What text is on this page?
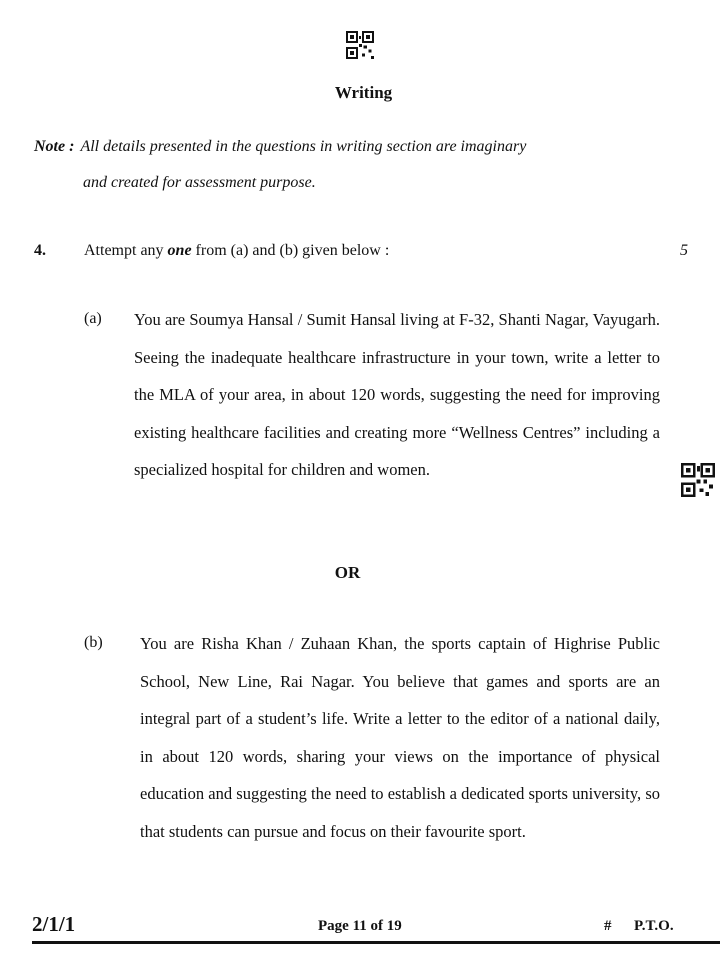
Writing
Note : All details presented in the questions in writing section are imaginary
and created for assessment purpose.
4. Attempt any one from (a) and (b) given below :	5
(a) You are Soumya Hansal / Sumit Hansal living at F-32, Shanti Nagar, Vayugarh. Seeing the inadequate healthcare infrastructure in your town, write a letter to the MLA of your area, in about 120 words, suggesting the need for improving existing healthcare facilities and creating more “Wellness Centres” including a specialized hospital for children and women.
OR
(b) You are Risha Khan / Zuhaan Khan, the sports captain of Highrise Public School, New Line, Rai Nagar. You believe that games and sports are an integral part of a student’s life. Write a letter to the editor of a national daily, in about 120 words, sharing your views on the importance of physical education and suggesting the need to establish a dedicated sports university, so that students can pursue and focus on their favourite sport.
2/1/1	Page 11 of 19	# P.T.O.
